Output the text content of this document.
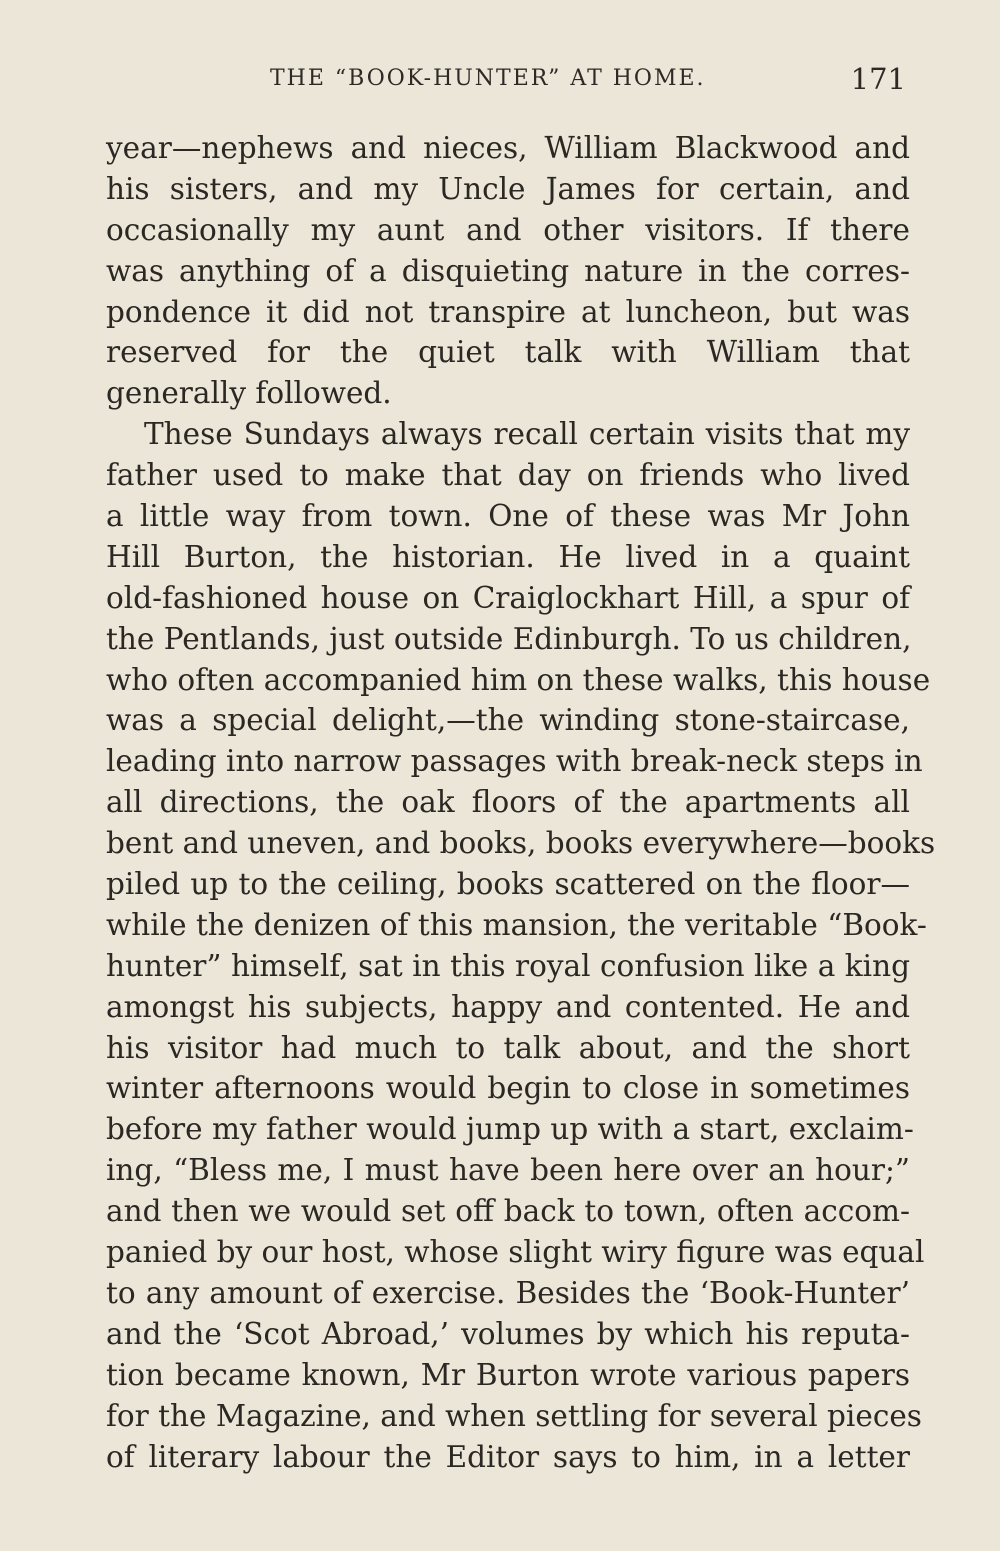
THE “BOOK-HUNTER” AT HOME.	171
year—nephews and nieces, William Blackwood and
his sisters, and my Uncle James for certain, and
occasionally my aunt and other visitors. If there
was anything of a disquieting nature in the corres-
pondence it did not transpire at luncheon, but was
reserved for the quiet talk with William that
generally followed.
These Sundays always recall certain visits that my
father used to make that day on friends who lived
a little way from town. One of these was Mr John
Hill Burton, the historian. He lived in a quaint
old-fashioned house on Craiglockhart Hill, a spur of
the Pentlands, just outside Edinburgh. To us children,
who often accompanied him on these walks, this house
was a special delight,—the winding stone-staircase,
leading into narrow passages with break-neck steps in
all directions, the oak floors of the apartments all
bent and uneven, and books, books everywhere—books
piled up to the ceiling, books scattered on the floor—
while the denizen of this mansion, the veritable “Book-
hunter” himself, sat in this royal confusion like a king
amongst his subjects, happy and contented. He and
his visitor had much to talk about, and the short
winter afternoons would begin to close in sometimes
before my father would jump up with a start, exclaim-
ing, “Bless me, I must have been here over an hour;”
and then we would set off back to town, often accom-
panied by our host, whose slight wiry figure was equal
to any amount of exercise. Besides the ‘Book-Hunter’
and the ‘Scot Abroad,’ volumes by which his reputa-
tion became known, Mr Burton wrote various papers
for the Magazine, and when settling for several pieces
of literary labour the Editor says to him, in a letter
